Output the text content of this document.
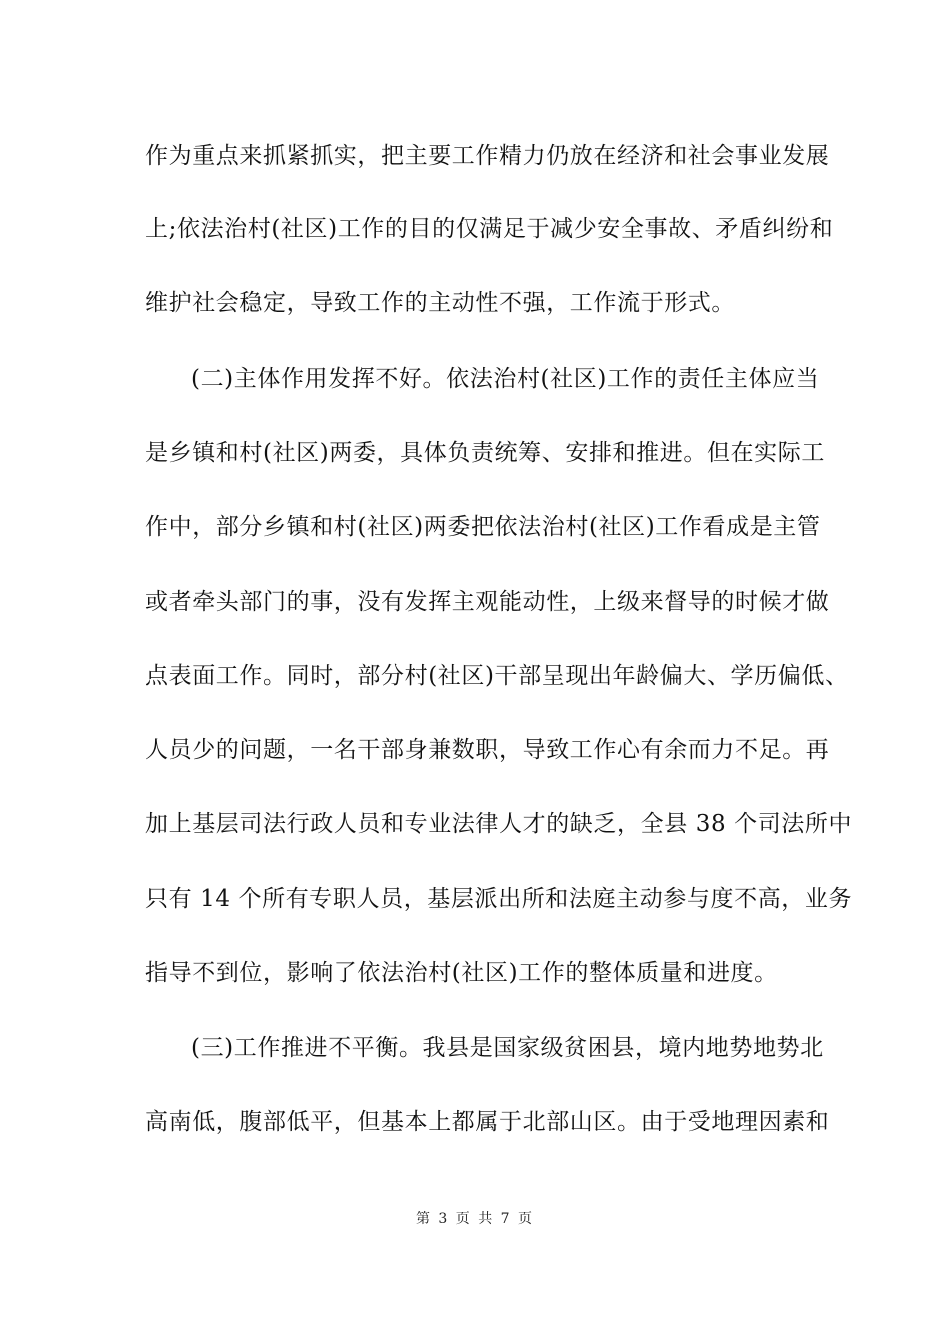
作为重点来抓紧抓实，把主要工作精力仍放在经济和社会事业发展
上;依法治村(社区)工作的目的仅满足于减少安全事故、矛盾纠纷和
维护社会稳定，导致工作的主动性不强，工作流于形式。
(二)主体作用发挥不好。依法治村(社区)工作的责任主体应当
是乡镇和村(社区)两委，具体负责统筹、安排和推进。但在实际工
作中，部分乡镇和村(社区)两委把依法治村(社区)工作看成是主管
或者牵头部门的事，没有发挥主观能动性，上级来督导的时候才做
点表面工作。同时，部分村(社区)干部呈现出年龄偏大、学历偏低、
人员少的问题，一名干部身兼数职，导致工作心有余而力不足。再
加上基层司法行政人员和专业法律人才的缺乏，全县 38 个司法所中
只有 14 个所有专职人员，基层派出所和法庭主动参与度不高，业务
指导不到位，影响了依法治村(社区)工作的整体质量和进度。
(三)工作推进不平衡。我县是国家级贫困县，境内地势地势北
高南低，腹部低平，但基本上都属于北部山区。由于受地理因素和
第 3 页 共 7 页
